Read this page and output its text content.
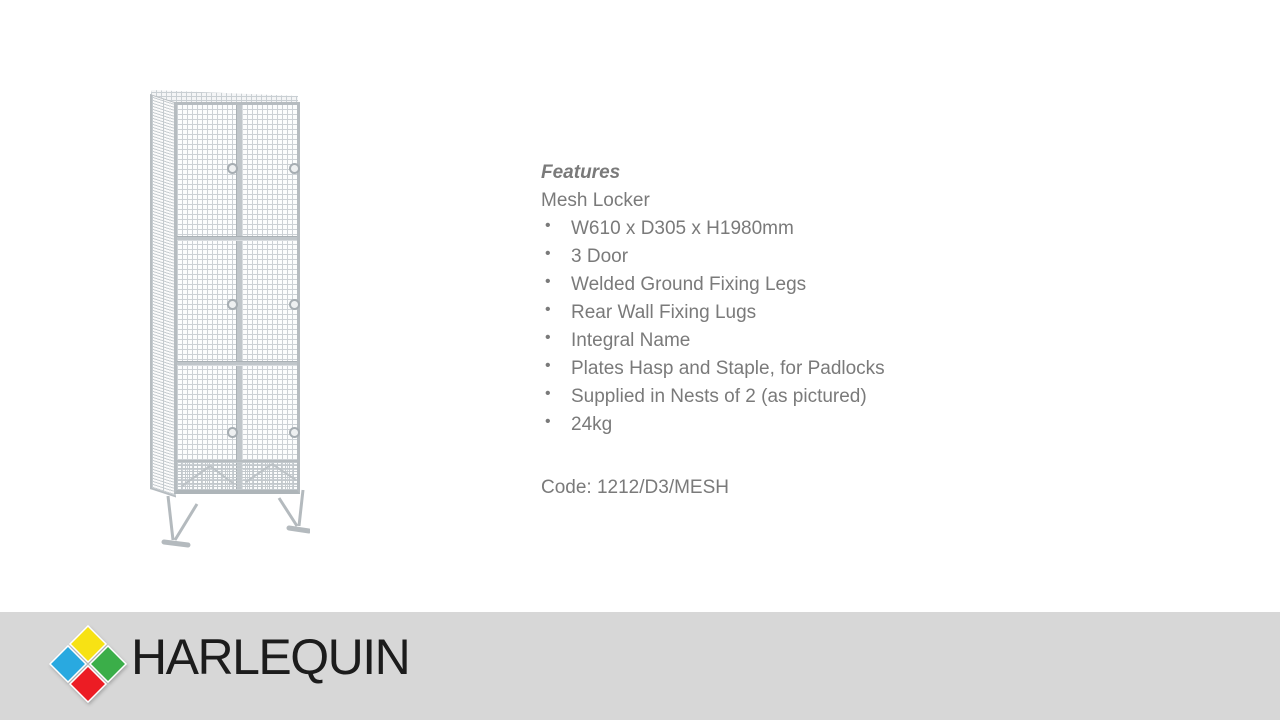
Features
Mesh Locker
• W610 x D305 x H1980mm
• 3 Door
• Welded Ground Fixing Legs
• Rear Wall Fixing Lugs
• Integral Name
• Plates Hasp and Staple, for Padlocks
• Supplied in Nests of 2 (as pictured)
• 24kg
Code: 1212/D3/MESH
HARLEQUIN
